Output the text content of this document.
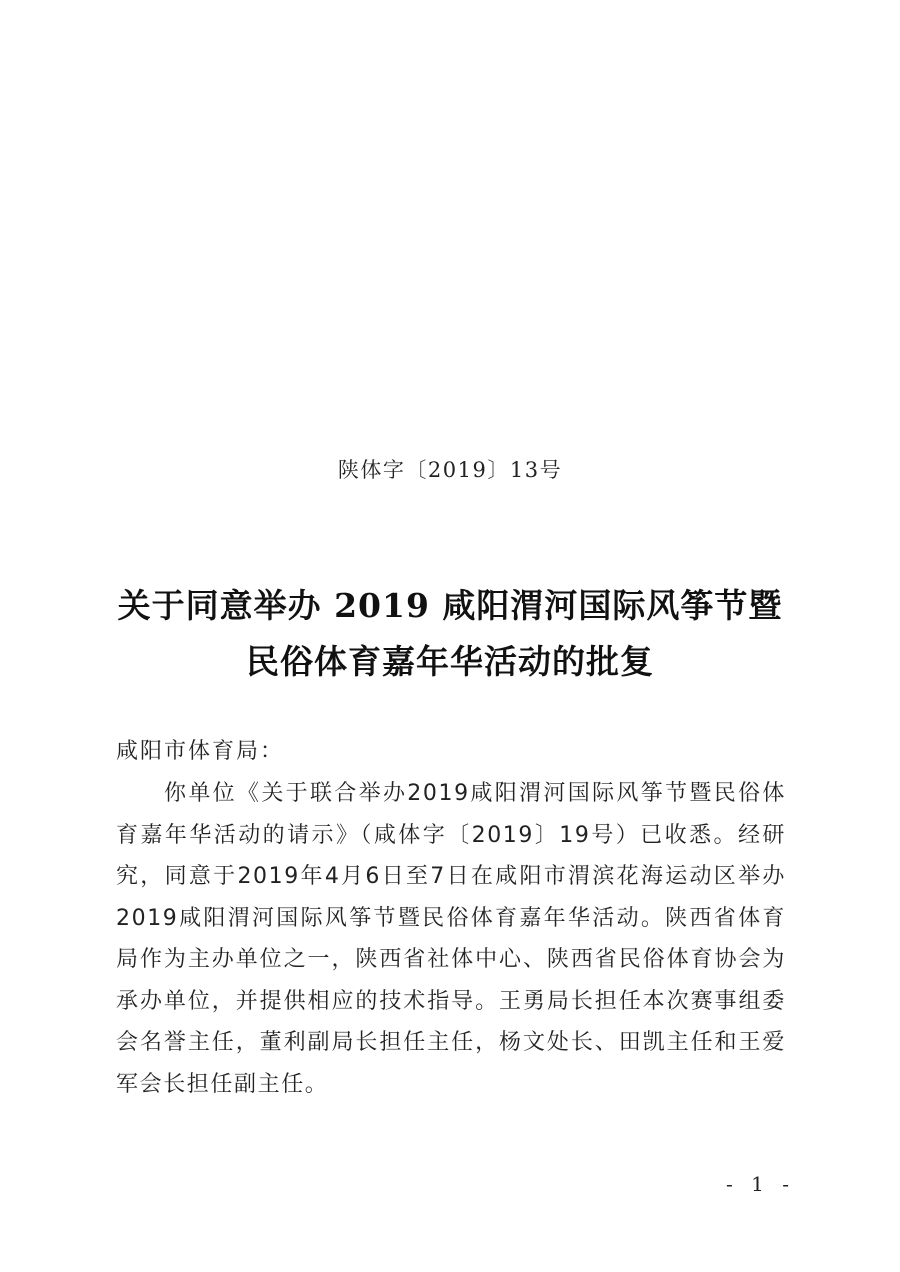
陕体字〔2019〕13号
关于同意举办 2019 咸阳渭河国际风筝节暨
民俗体育嘉年华活动的批复
咸阳市体育局：
你单位《关于联合举办2019咸阳渭河国际风筝节暨民俗体育嘉年华活动的请示》（咸体字〔2019〕19号）已收悉。经研究，同意于2019年4月6日至7日在咸阳市渭滨花海运动区举办2019咸阳渭河国际风筝节暨民俗体育嘉年华活动。陕西省体育局作为主办单位之一，陕西省社体中心、陕西省民俗体育协会为承办单位，并提供相应的技术指导。王勇局长担任本次赛事组委会名誉主任，董利副局长担任主任，杨文处长、田凯主任和王爱军会长担任副主任。
- 1 -
